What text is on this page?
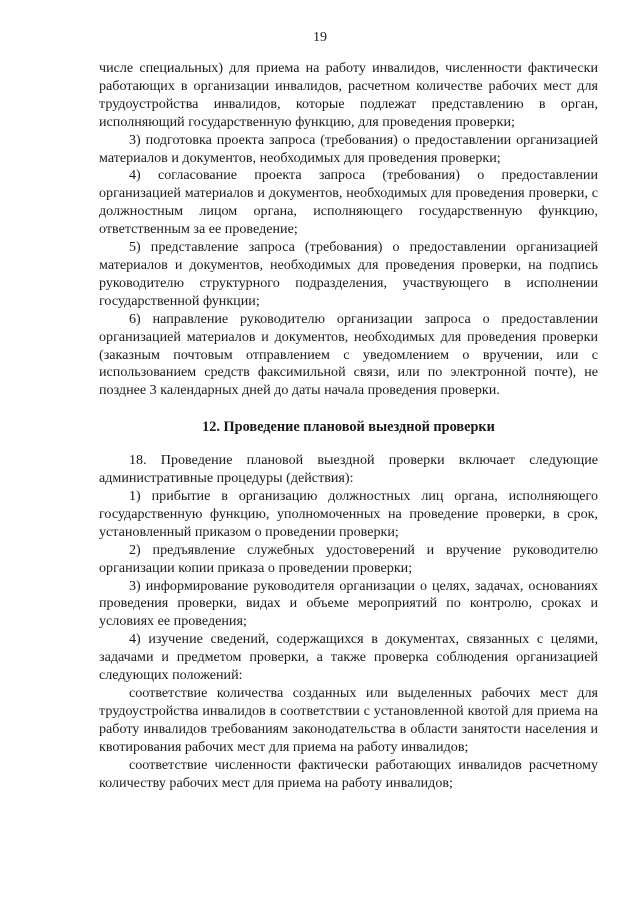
19

числе специальных) для приема на работу инвалидов, численности фактически работающих в организации инвалидов, расчетном количестве рабочих мест для трудоустройства инвалидов, которые подлежат представлению в орган, исполняющий государственную функцию, для проведения проверки;

3) подготовка проекта запроса (требования) о предоставлении организацией материалов и документов, необходимых для проведения проверки;

4) согласование проекта запроса (требования) о предоставлении организацией материалов и документов, необходимых для проведения проверки, с должностным лицом органа, исполняющего государственную функцию, ответственным за ее проведение;

5) представление запроса (требования) о предоставлении организацией материалов и документов, необходимых для проведения проверки, на подпись руководителю структурного подразделения, участвующего в исполнении государственной функции;

6) направление руководителю организации запроса о предоставлении организацией материалов и документов, необходимых для проведения проверки (заказным почтовым отправлением с уведомлением о вручении, или с использованием средств факсимильной связи, или по электронной почте), не позднее 3 календарных дней до даты начала проведения проверки.

12. Проведение плановой выездной проверки

18. Проведение плановой выездной проверки включает следующие административные процедуры (действия):

1) прибытие в организацию должностных лиц органа, исполняющего государственную функцию, уполномоченных на проведение проверки, в срок, установленный приказом о проведении проверки;

2) предъявление служебных удостоверений и вручение руководителю организации копии приказа о проведении проверки;

3) информирование руководителя организации о целях, задачах, основаниях проведения проверки, видах и объеме мероприятий по контролю, сроках и условиях ее проведения;

4) изучение сведений, содержащихся в документах, связанных с целями, задачами и предметом проверки, а также проверка соблюдения организацией следующих положений:

соответствие количества созданных или выделенных рабочих мест для трудоустройства инвалидов в соответствии с установленной квотой для приема на работу инвалидов требованиям законодательства в области занятости населения и квотирования рабочих мест для приема на работу инвалидов;

соответствие численности фактически работающих инвалидов расчетному количеству рабочих мест для приема на работу инвалидов;
